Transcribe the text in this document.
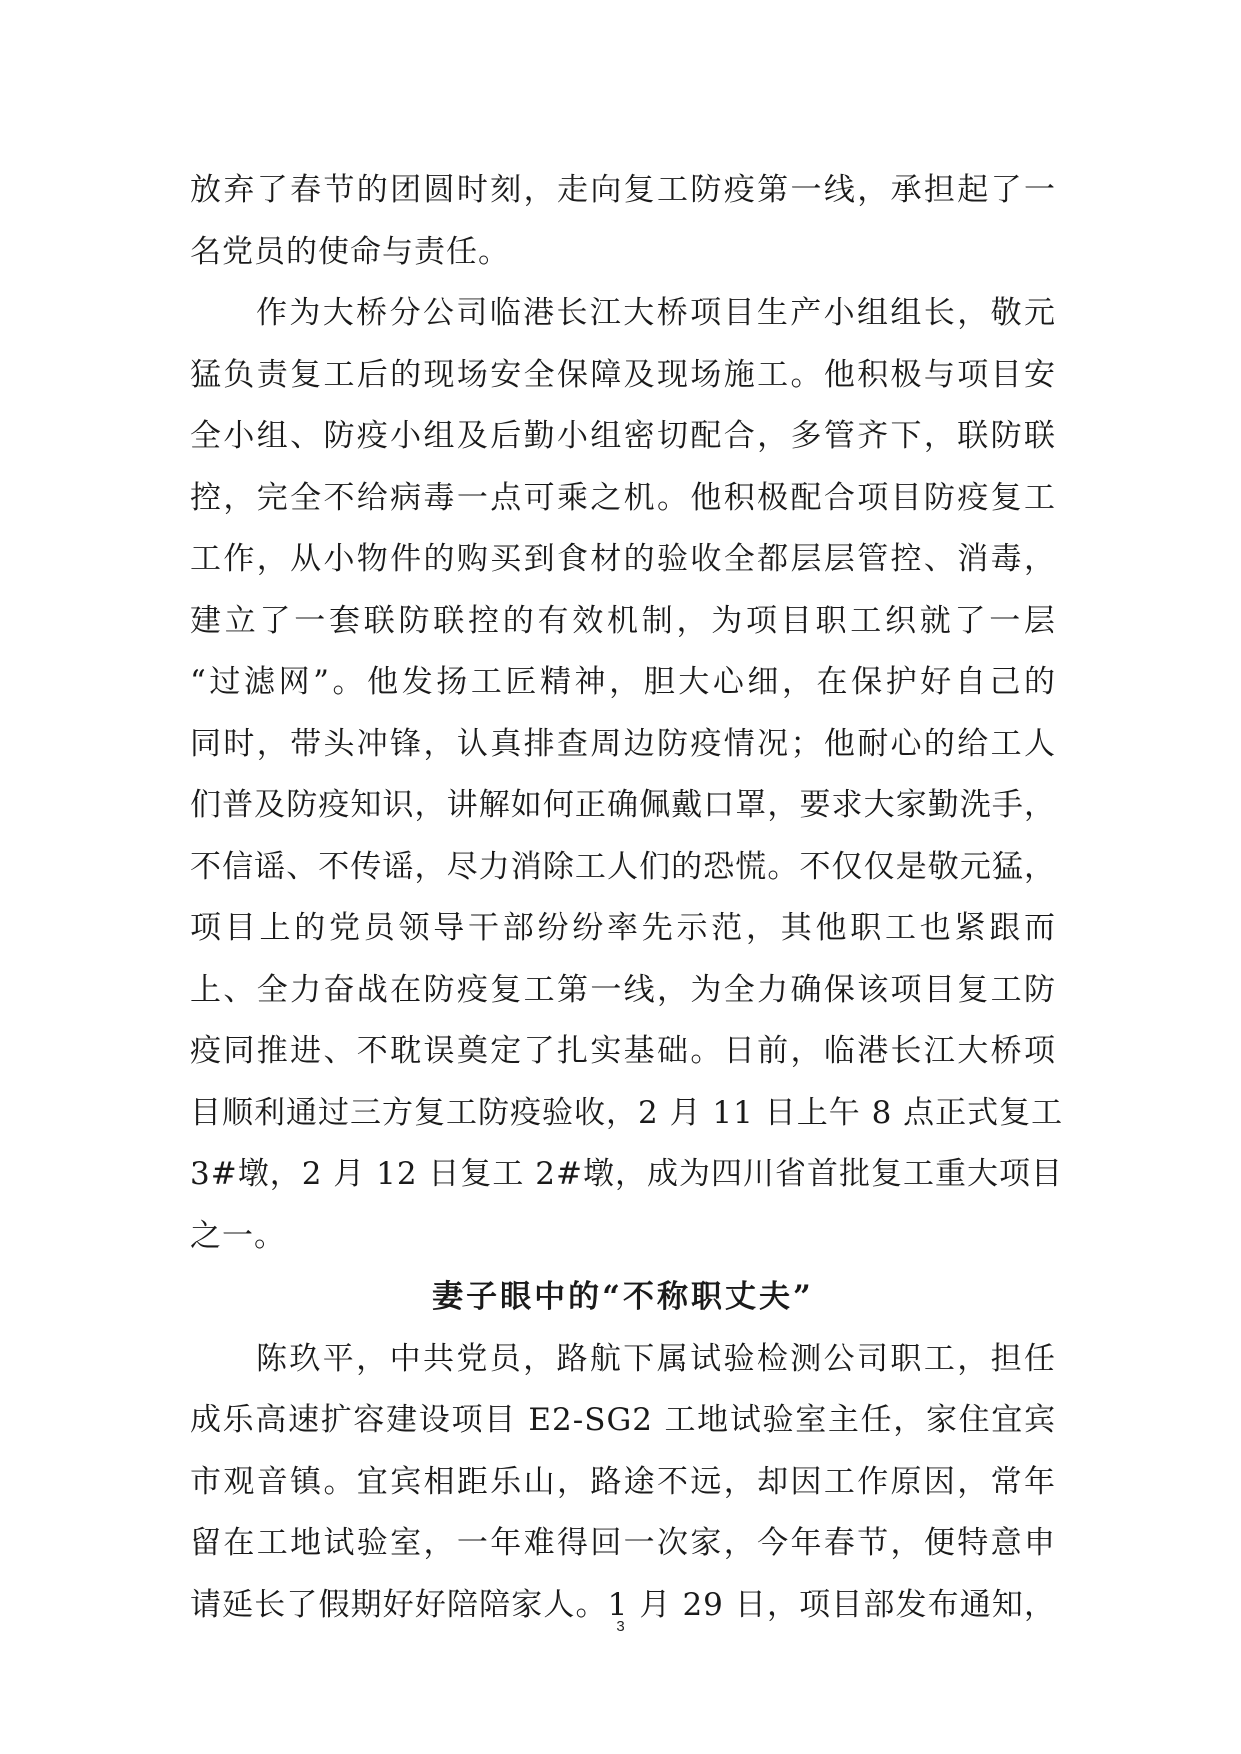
放弃了春节的团圆时刻，走向复工防疫第一线，承担起了一
名党员的使命与责任。
作为大桥分公司临港长江大桥项目生产小组组长，敬元
猛负责复工后的现场安全保障及现场施工。他积极与项目安
全小组、防疫小组及后勤小组密切配合，多管齐下，联防联
控，完全不给病毒一点可乘之机。他积极配合项目防疫复工
工作，从小物件的购买到食材的验收全都层层管控、消毒，
建立了一套联防联控的有效机制，为项目职工织就了一层
“过滤网”。他发扬工匠精神，胆大心细，在保护好自己的
同时，带头冲锋，认真排查周边防疫情况；他耐心的给工人
们普及防疫知识，讲解如何正确佩戴口罩，要求大家勤洗手，
不信谣、不传谣，尽力消除工人们的恐慌。不仅仅是敬元猛，
项目上的党员领导干部纷纷率先示范，其他职工也紧跟而
上、全力奋战在防疫复工第一线，为全力确保该项目复工防
疫同推进、不耽误奠定了扎实基础。日前，临港长江大桥项
目顺利通过三方复工防疫验收，2 月 11 日上午 8 点正式复工
3#墩，2 月 12 日复工 2#墩，成为四川省首批复工重大项目
之一。
妻子眼中的“不称职丈夫”
陈玖平，中共党员，路航下属试验检测公司职工，担任
成乐高速扩容建设项目 E2-SG2 工地试验室主任，家住宜宾
市观音镇。宜宾相距乐山，路途不远，却因工作原因，常年
留在工地试验室，一年难得回一次家，今年春节，便特意申
请延长了假期好好陪陪家人。1 月 29 日，项目部发布通知，
3
